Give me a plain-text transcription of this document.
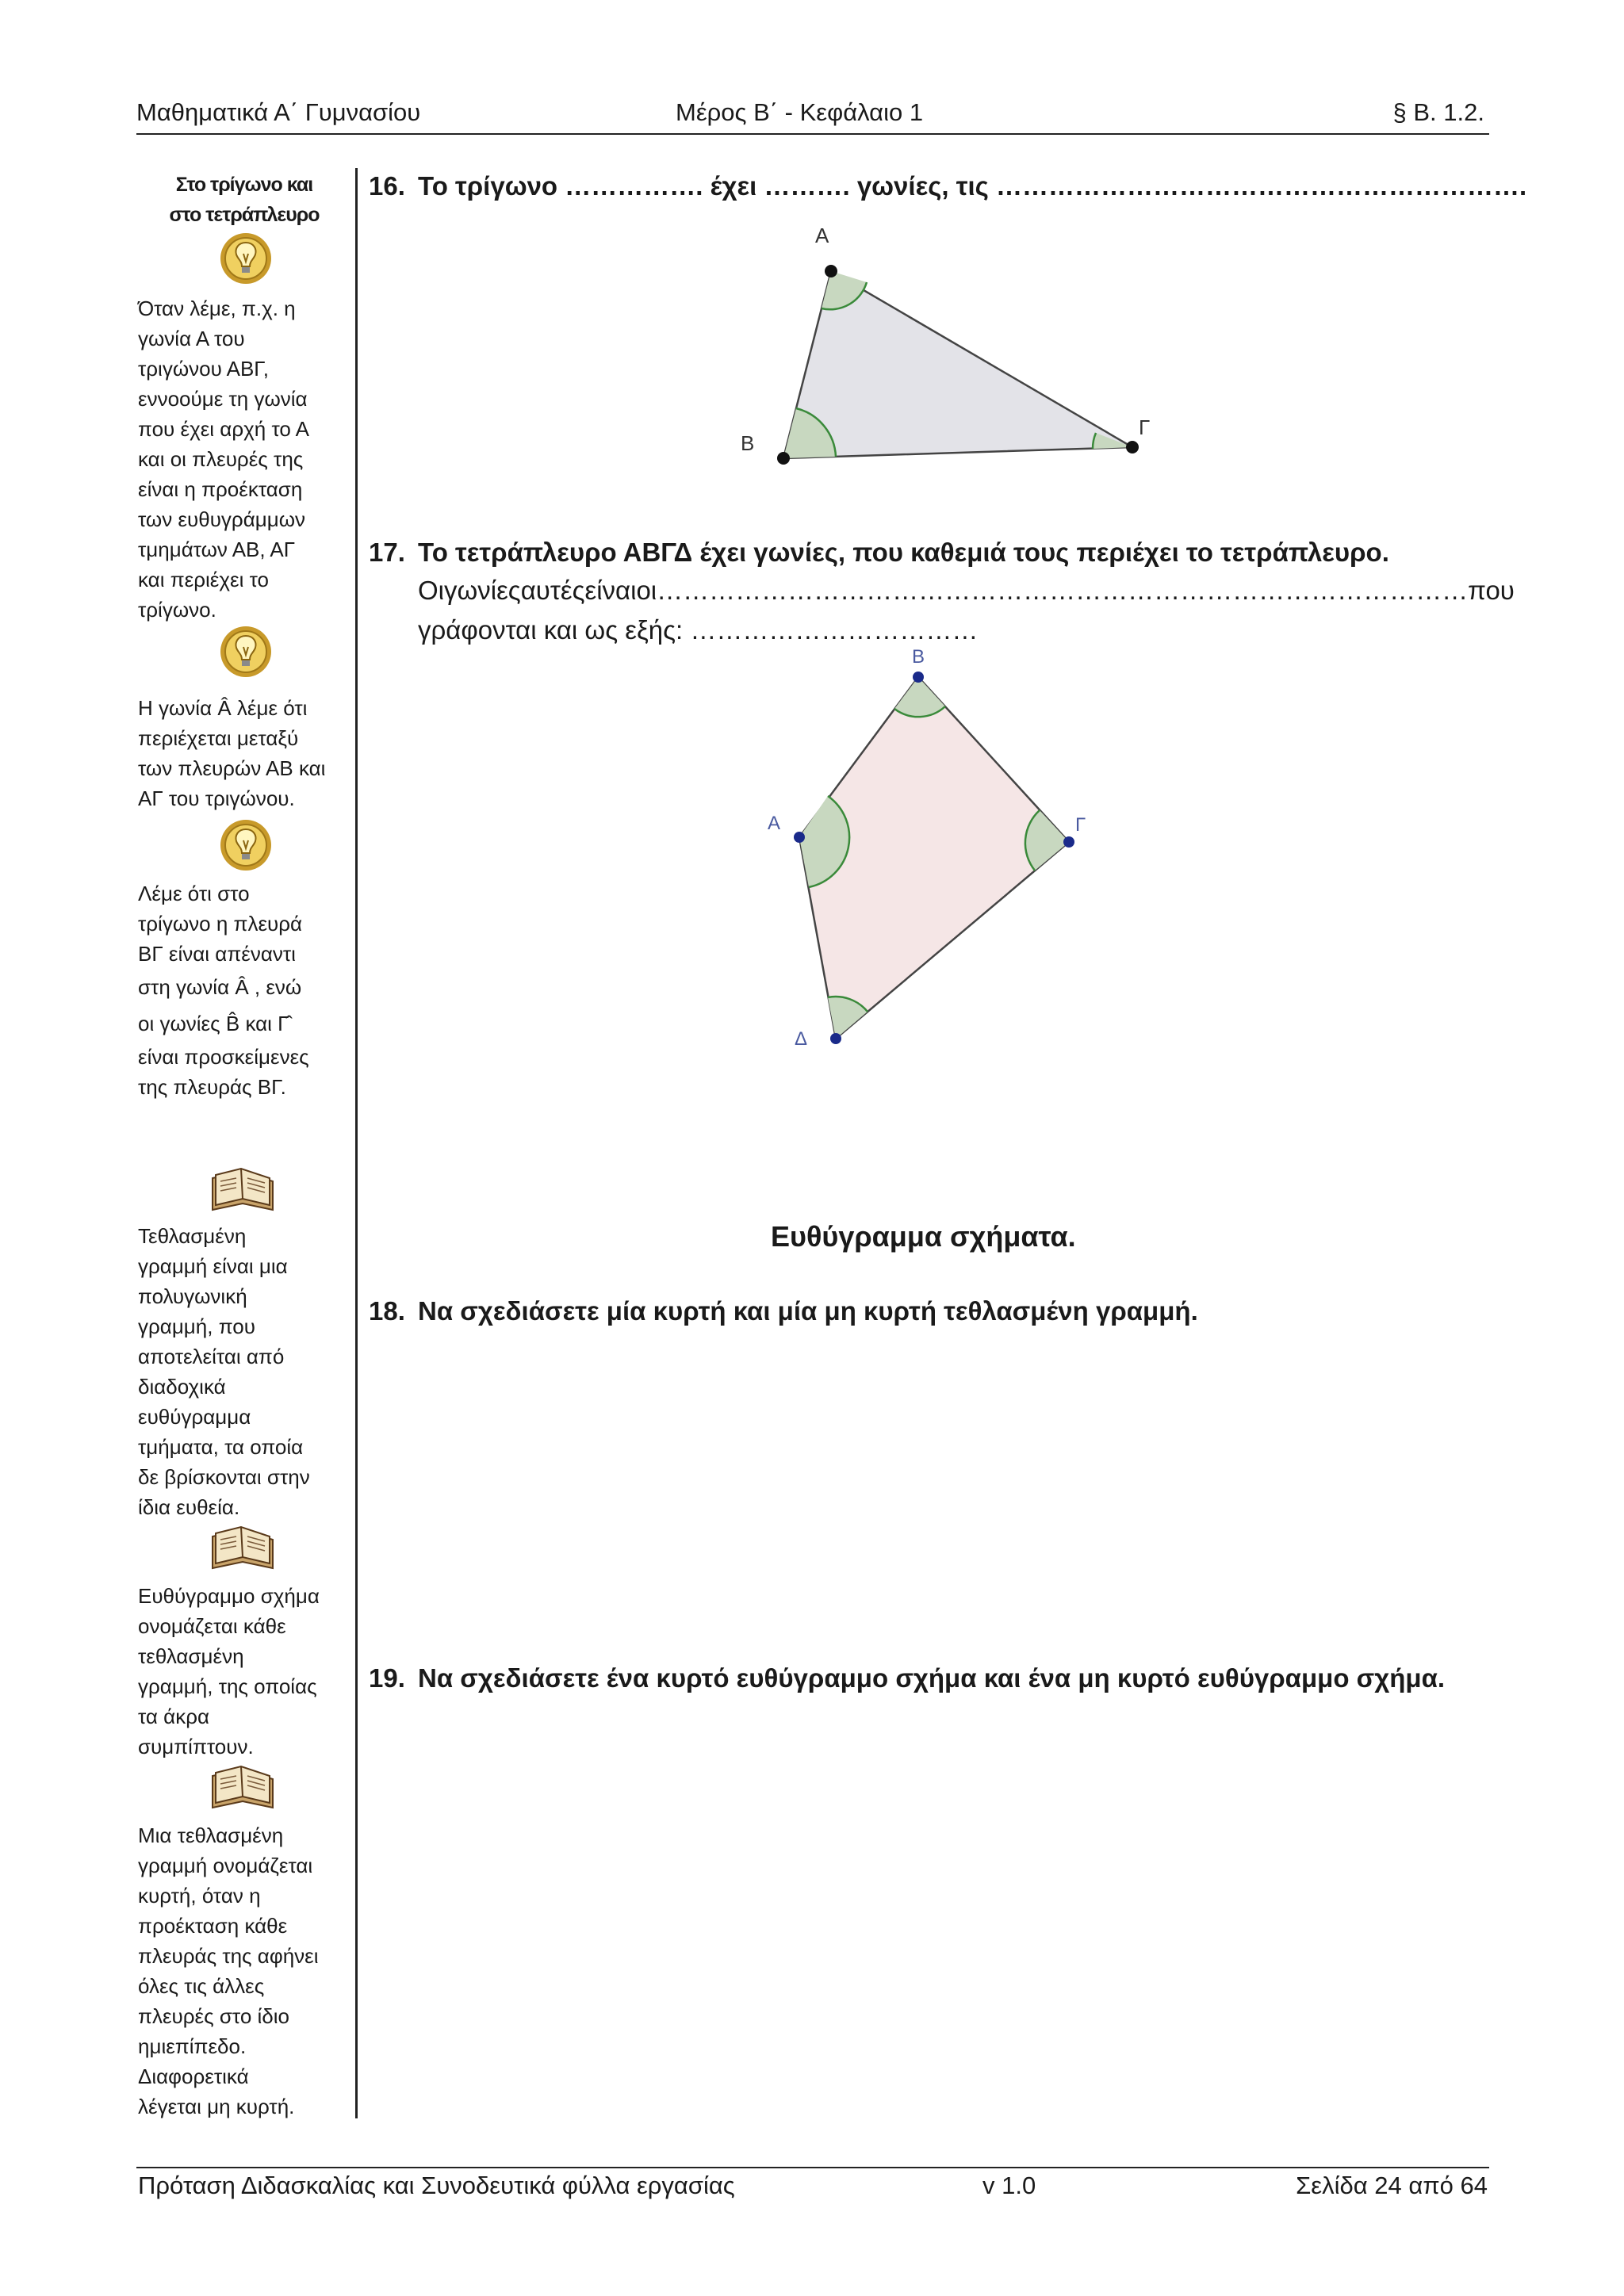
Μαθηματικά Α΄ Γυμνασίου	Μέρος Β΄ - Κεφάλαιο 1	§ Β. 1.2.
Στο τρίγωνο και
στο τετράπλευρο

Όταν λέμε, π.χ. η

γωνία Α του

τριγώνου ΑΒΓ,

εννοούμε τη γωνία

που έχει αρχή το Α

και οι πλευρές της

είναι η προέκταση

των ευθυγράμμων

τμημάτων ΑΒ, ΑΓ

και περιέχει το

τρίγωνο.

Η γωνία Â λέμε ότι

περιέχεται μεταξύ

των πλευρών ΑΒ και

ΑΓ του τριγώνου.

Λέμε ότι στο

τρίγωνο η πλευρά

ΒΓ είναι απέναντι

στη γωνία Â , ενώ

οι γωνίες B̂ και Γ̂

είναι προσκείμενες

της πλευράς ΒΓ.

Τεθλασμένη

γραμμή είναι μια

πολυγωνική

γραμμή, που

αποτελείται από

διαδοχικά

ευθύγραμμα

τμήματα, τα οποία

δε βρίσκονται στην

ίδια ευθεία.

Ευθύγραμμο σχήμα

ονομάζεται κάθε

τεθλασμένη

γραμμή, της οποίας

τα άκρα

συμπίπτουν.

Μια τεθλασμένη

γραμμή ονομάζεται

κυρτή, όταν η

προέκταση κάθε

πλευράς της αφήνει

όλες τις άλλες

πλευρές στο ίδιο

ημιεπίπεδο.

Διαφορετικά

λέγεται μη κυρτή.

16. Το τρίγωνο ……………. έχει ………. γωνίες, τις …………………………………………………….
Α
Β
Γ
17. Το τετράπλευρο ΑΒΓΔ έχει γωνίες, που καθεμιά τους περιέχει το τετράπλευρο.
Οι γωνίες αυτές είναι οι ………………………………………………………………………………… που
γράφονται και ως εξής: ……………………………
Β
Γ
Δ
Α
Ευθύγραμμα σχήματα.
18. Να σχεδιάσετε μία κυρτή και μία μη κυρτή τεθλασμένη γραμμή.
19. Να σχεδιάσετε ένα κυρτό ευθύγραμμο σχήμα και ένα μη κυρτό ευθύγραμμο σχήμα.
Πρόταση Διδασκαλίας και Συνοδευτικά φύλλα εργασίας	v 1.0	Σελίδα 24 από 64
